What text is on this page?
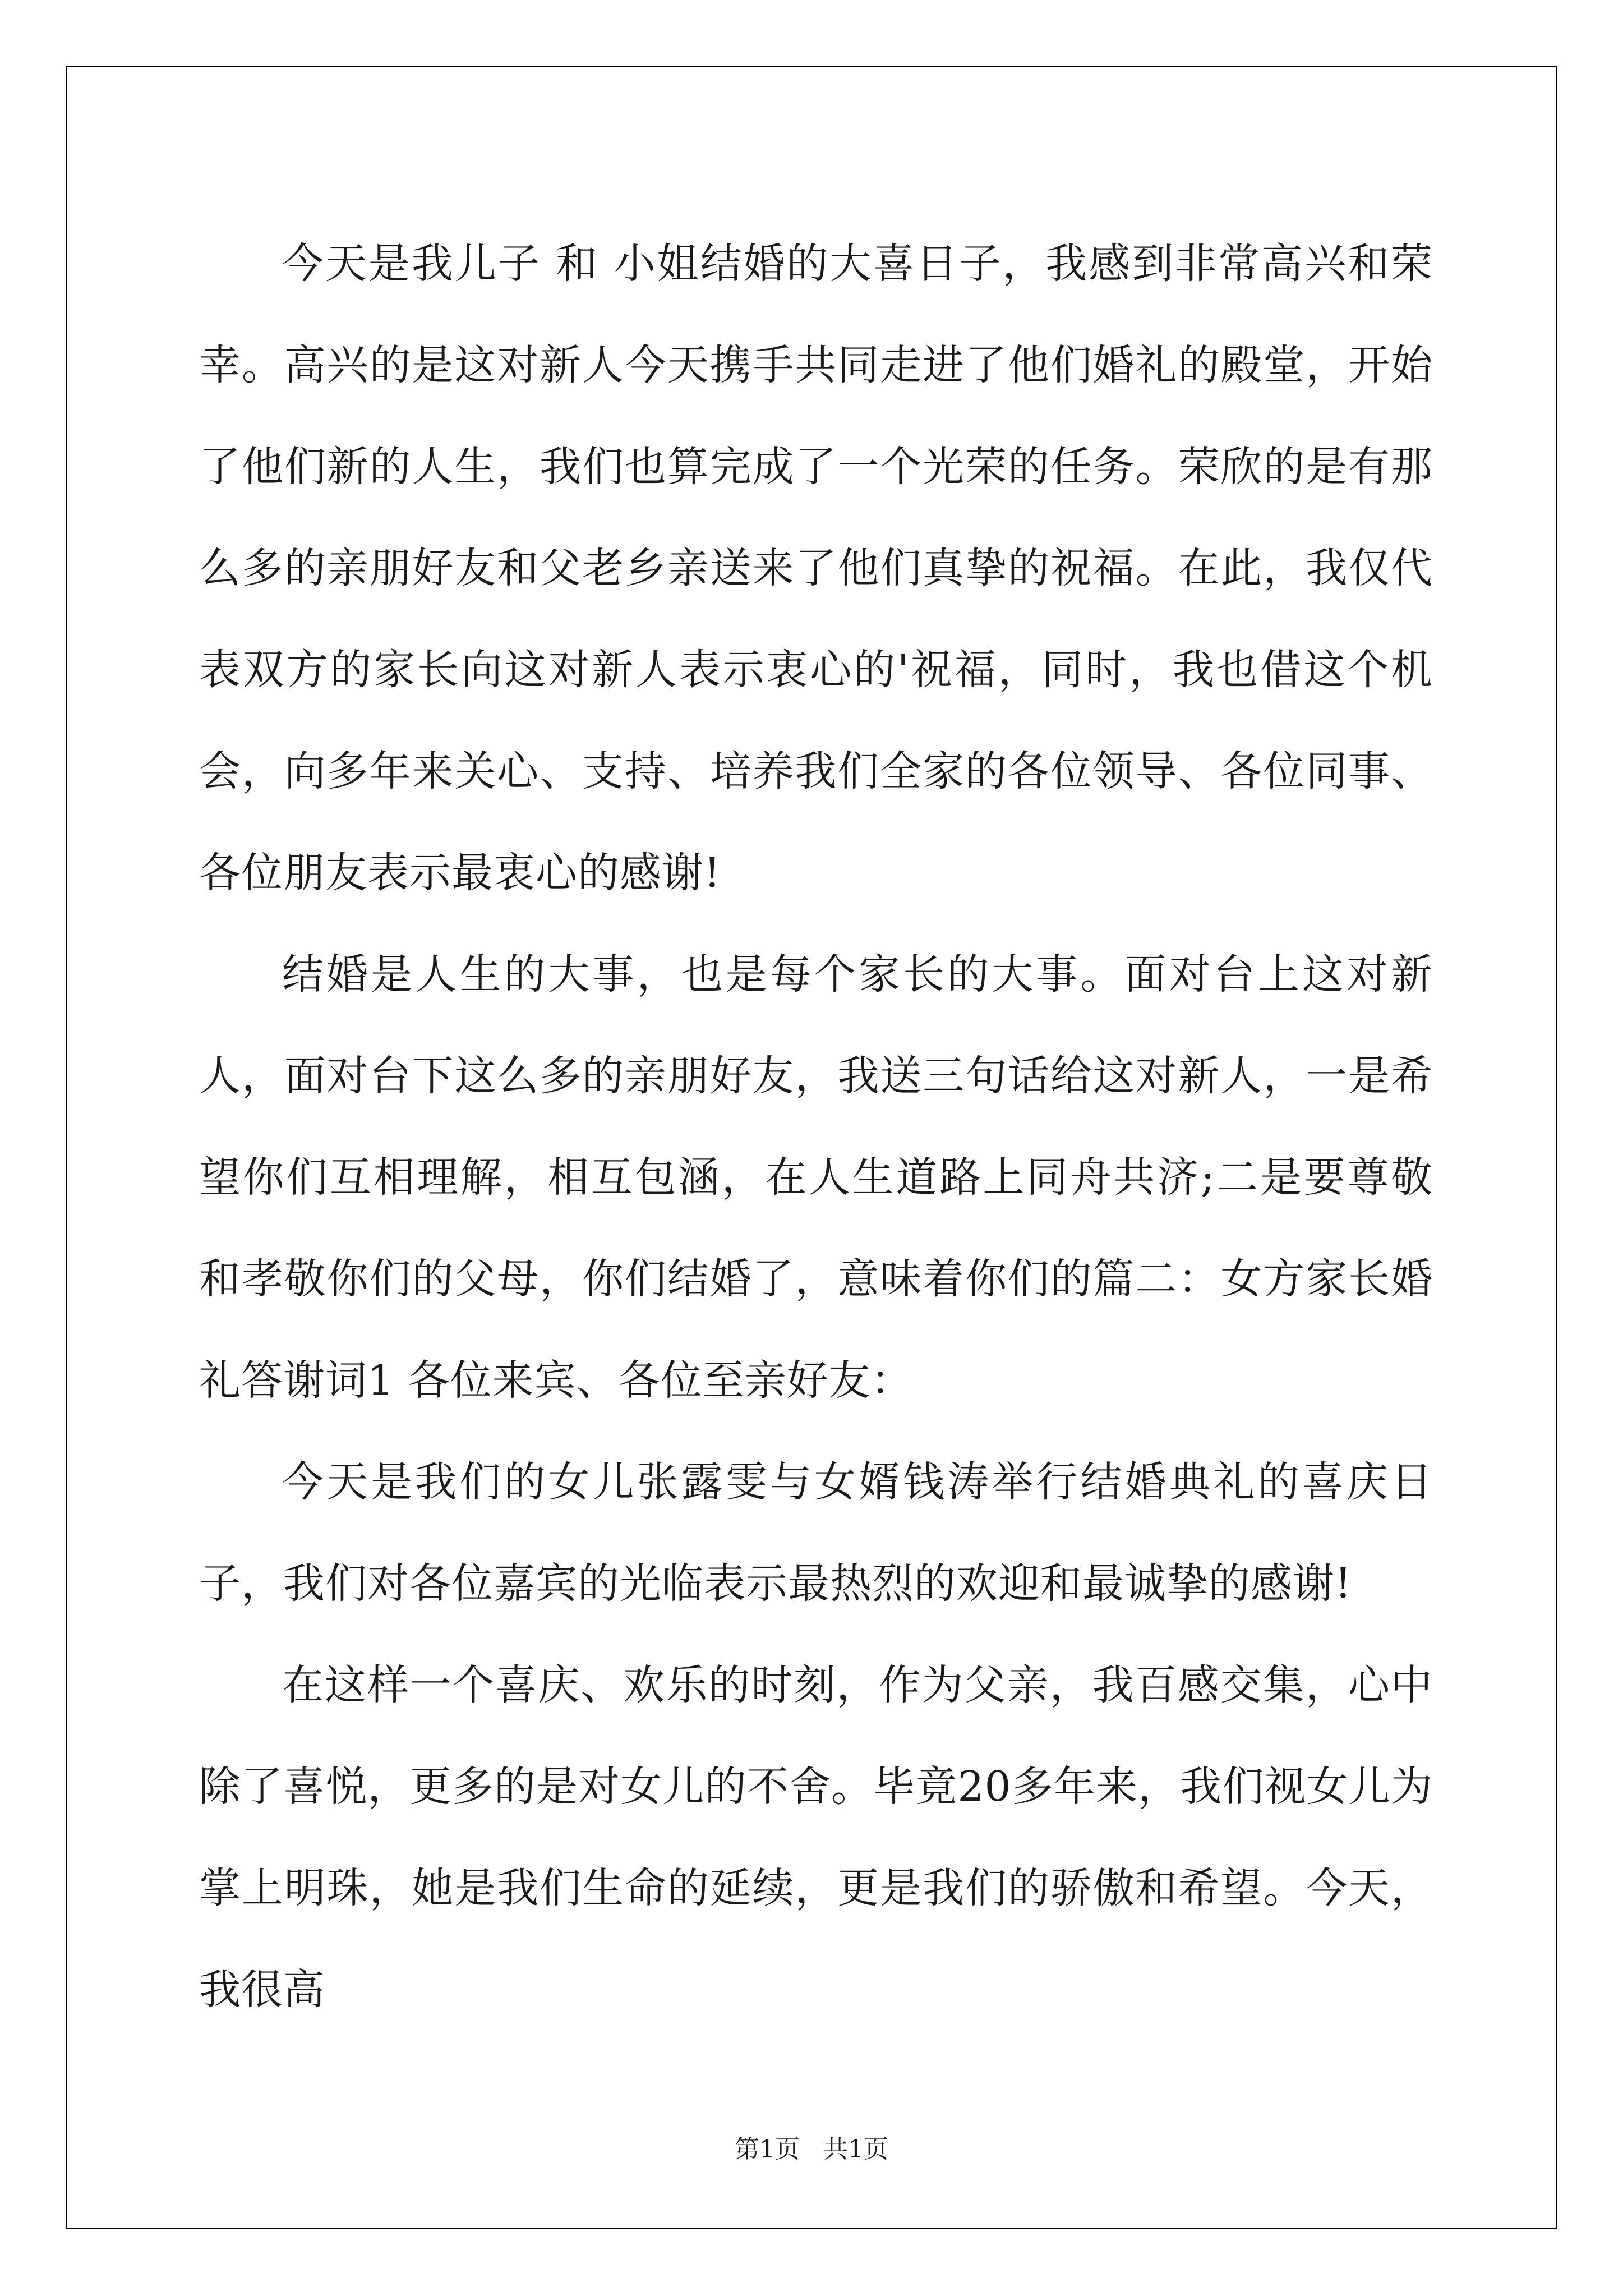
今天是我儿子 和 小姐结婚的大喜日子，我感到非常高兴和荣幸。高兴的是这对新人今天携手共同走进了他们婚礼的殿堂，开始了他们新的人生，我们也算完成了一个光荣的任务。荣欣的是有那么多的亲朋好友和父老乡亲送来了他们真挚的祝福。在此，我仅代表双方的家长向这对新人表示衷心的'祝福，同时，我也借这个机会，向多年来关心、支持、培养我们全家的各位领导、各位同事、各位朋友表示最衷心的感谢!

结婚是人生的大事，也是每个家长的大事。面对台上这对新人，面对台下这么多的亲朋好友，我送三句话给这对新人，一是希望你们互相理解，相互包涵，在人生道路上同舟共济;二是要尊敬和孝敬你们的父母，你们结婚了，意味着你们的篇二：女方家长婚礼答谢词1 各位来宾、各位至亲好友：

今天是我们的女儿张露雯与女婿钱涛举行结婚典礼的喜庆日子，我们对各位嘉宾的光临表示最热烈的欢迎和最诚挚的感谢!

在这样一个喜庆、欢乐的时刻，作为父亲，我百感交集，心中除了喜悦，更多的是对女儿的不舍。毕竟20多年来，我们视女儿为掌上明珠，她是我们生命的延续，更是我们的骄傲和希望。今天，我很高

第1页 共1页
